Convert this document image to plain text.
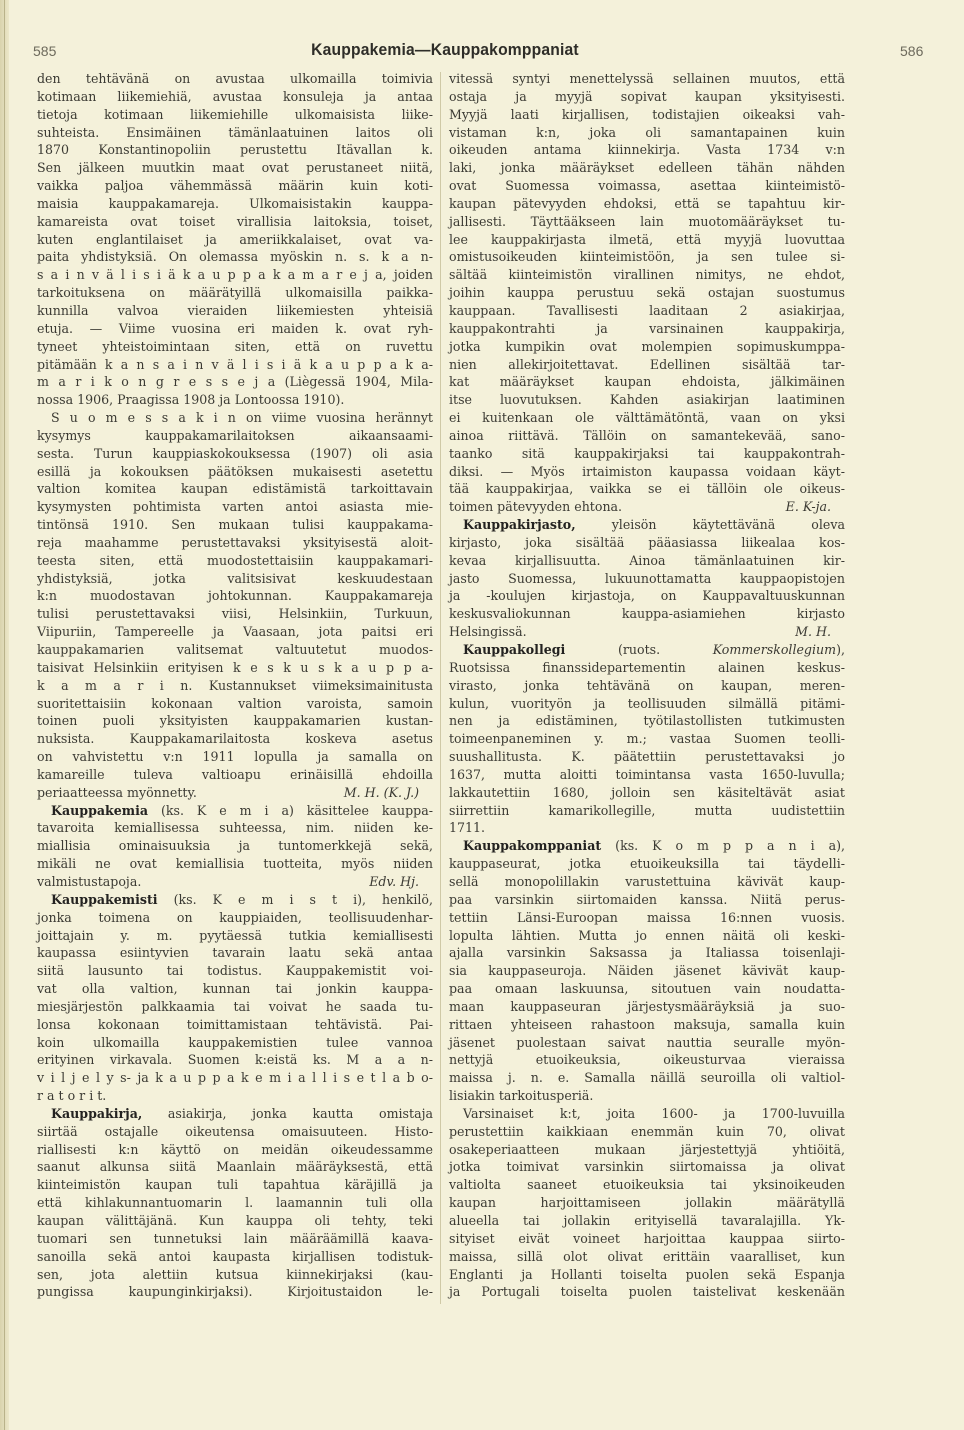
585	Kauppakemia—Kauppakomppaniat	586
den tehtävänä on avustaa ulkomailla toimivia
kotimaan liikemiehiä, avustaa konsuleja ja antaa
tietoja kotimaan liikemiehille ulkomaisista liike-
suhteista. Ensimäinen tämänlaatuinen laitos oli
1870 Konstantinopoliin perustettu Itävallan k.
Sen jälkeen muutkin maat ovat perustaneet niitä,
vaikka paljoa vähemmässä määrin kuin koti-
maisia kauppakamareja. Ulkomaisistakin kauppa-
kamareista ovat toiset virallisia laitoksia, toiset,
kuten englantilaiset ja ameriikkalaiset, ovat va-
paita yhdistyksiä. On olemassa myöskin n. s. k a n-
s a i n v ä l i s i ä k a u p p a k a m a r e j a, joiden
tarkoituksena on määrätyillä ulkomaisilla paikka-
kunnilla valvoa vieraiden liikemiesten yhteisiä
etuja. — Viime vuosina eri maiden k. ovat ryh-
tyneet yhteistoimintaan siten, että on ruvettu
pitämään k a n s a i n v ä l i s i ä k a u p p a k a-
m a r i k o n g r e s s e j a (Liègessä 1904, Mila-
nossa 1906, Praagissa 1908 ja Lontoossa 1910).
S u o m e s s a k i n on viime vuosina herännyt
kysymys kauppakamarilaitoksen aikaansaami-
sesta. Turun kauppiaskokouksessa (1907) oli asia
esillä ja kokouksen päätöksen mukaisesti asetettu
valtion komitea kaupan edistämistä tarkoittavain
kysymysten pohtimista varten antoi asiasta mie-
tintönsä 1910. Sen mukaan tulisi kauppakama-
reja maahamme perustettavaksi yksityisestä aloit-
teesta siten, että muodostettaisiin kauppakamari-
yhdistyksiä, jotka valitsisivat keskuudestaan
k:n muodostavan johtokunnan. Kauppakamareja
tulisi perustettavaksi viisi, Helsinkiin, Turkuun,
Viipuriin, Tampereelle ja Vaasaan, jota paitsi eri
kauppakamarien valitsemat valtuutetut muodos-
taisivat Helsinkiin erityisen k e s k u s k a u p p a-
k a m a r i n. Kustannukset viimeksimainitusta
suoritettaisiin kokonaan valtion varoista, samoin
toinen puoli yksityisten kauppakamarien kustan-
nuksista. Kauppakamarilaitosta koskeva asetus
on vahvistettu v:n 1911 lopulla ja samalla on
kamareille tuleva valtioapu erinäisillä ehdoilla
M. H. (K. J.)
periaatteessa myönnetty.
Kauppakemia (ks. K e m i a) käsittelee kauppa-
tavaroita kemiallisessa suhteessa, nim. niiden ke-
miallisia ominaisuuksia ja tuntomerkkejä sekä,
mikäli ne ovat kemiallisia tuotteita, myös niiden
Edv. Hj.
valmistustapoja.
Kauppakemisti (ks. K e m i s t i), henkilö,
jonka toimena on kauppiaiden, teollisuudenhar-
joittajain y. m. pyytäessä tutkia kemiallisesti
kaupassa esiintyvien tavarain laatu sekä antaa
siitä lausunto tai todistus. Kauppakemistit voi-
vat olla valtion, kunnan tai jonkin kauppa-
miesjärjestön palkkaamia tai voivat he saada tu-
lonsa kokonaan toimittamistaan tehtävistä. Pai-
koin ulkomailla kauppakemistien tulee vannoa
erityinen virkavala. Suomen k:eistä ks. M a a n-
v i l j e l y s- ja k a u p p a k e m i a l l i s e t l a b o-
r a t o r i t.
Kauppakirja, asiakirja, jonka kautta omistaja
siirtää ostajalle oikeutensa omaisuuteen. Histo-
riallisesti k:n käyttö on meidän oikeudessamme
saanut alkunsa siitä Maanlain määräyksestä, että
kiinteimistön kaupan tuli tapahtua käräjillä ja
että kihlakunnantuomarin l. laamannin tuli olla
kaupan välittäjänä. Kun kauppa oli tehty, teki
tuomari sen tunnetuksi lain määräämillä kaava-
sanoilla sekä antoi kaupasta kirjallisen todistuk-
sen, jota alettiin kutsua kiinnekirjaksi (kau-
pungissa kaupunginkirjaksi). Kirjoitustaidon le-
vitessä syntyi menettelyssä sellainen muutos, että
ostaja ja myyjä sopivat kaupan yksityisesti.
Myyjä laati kirjallisen, todistajien oikeaksi vah-
vistaman k:n, joka oli samantapainen kuin
oikeuden antama kiinnekirja. Vasta 1734 v:n
laki, jonka määräykset edelleen tähän nähden
ovat Suomessa voimassa, asettaa kiinteimistö-
kaupan pätevyyden ehdoksi, että se tapahtuu kir-
jallisesti. Täyttääkseen lain muotomääräykset tu-
lee kauppakirjasta ilmetä, että myyjä luovuttaa
omistusoikeuden kiinteimistöön, ja sen tulee si-
sältää kiinteimistön virallinen nimitys, ne ehdot,
joihin kauppa perustuu sekä ostajan suostumus
kauppaan. Tavallisesti laaditaan 2 asiakirjaa,
kauppakontrahti ja varsinainen kauppakirja,
jotka kumpikin ovat molempien sopimuskumppa-
nien allekirjoitettavat. Edellinen sisältää tar-
kat määräykset kaupan ehdoista, jälkimäinen
itse luovutuksen. Kahden asiakirjan laatiminen
ei kuitenkaan ole välttämätöntä, vaan on yksi
ainoa riittävä. Tällöin on samantekevää, sano-
taanko sitä kauppakirjaksi tai kauppakontrah-
diksi. — Myös irtaimiston kaupassa voidaan käyt-
tää kauppakirjaa, vaikka se ei tällöin ole oikeus-
E. K-ja.
toimen pätevyyden ehtona.
Kauppakirjasto, yleisön käytettävänä oleva
kirjasto, joka sisältää pääasiassa liikealaa kos-
kevaa kirjallisuutta. Ainoa tämänlaatuinen kir-
jasto Suomessa, lukuunottamatta kauppaopistojen
ja -koulujen kirjastoja, on Kauppavaltuuskunnan
keskusvaliokunnan kauppa-asiamiehen kirjasto
M. H.
Helsingissä.
Kauppakollegi (ruots. Kommerskollegium),
Ruotsissa finanssidepartementin alainen keskus-
virasto, jonka tehtävänä on kaupan, meren-
kulun, vuorityön ja teollisuuden silmällä pitämi-
nen ja edistäminen, työtilastollisten tutkimusten
toimeenpaneminen y. m.; vastaa Suomen teolli-
suushallitusta. K. päätettiin perustettavaksi jo
1637, mutta aloitti toimintansa vasta 1650-luvulla;
lakkautettiin 1680, jolloin sen käsiteltävät asiat
siirrettiin kamarikollegille, mutta uudistettiin
1711.
Kauppakomppaniat (ks. K o m p p a n i a),
kauppaseurat, jotka etuoikeuksilla tai täydelli-
sellä monopolillakin varustettuina kävivät kaup-
paa varsinkin siirtomaiden kanssa. Niitä perus-
tettiin Länsi-Euroopan maissa 16:nnen vuosis.
lopulta lähtien. Mutta jo ennen näitä oli keski-
ajalla varsinkin Saksassa ja Italiassa toisenlaji-
sia kauppaseuroja. Näiden jäsenet kävivät kaup-
paa omaan laskuunsa, sitoutuen vain noudatta-
maan kauppaseuran järjestysmääräyksiä ja suo-
rittaen yhteiseen rahastoon maksuja, samalla kuin
jäsenet puolestaan saivat nauttia seuralle myön-
nettyjä etuoikeuksia, oikeusturvaa vieraissa
maissa j. n. e. Samalla näillä seuroilla oli valtiol-
lisiakin tarkoitusperiä.
Varsinaiset k:t, joita 1600- ja 1700-luvuilla
perustettiin kaikkiaan enemmän kuin 70, olivat
osakeperiaatteen mukaan järjestettyjä yhtiöitä,
jotka toimivat varsinkin siirtomaissa ja olivat
valtiolta saaneet etuoikeuksia tai yksinoikeuden
kaupan harjoittamiseen jollakin määrätyllä
alueella tai jollakin erityisellä tavaralajilla. Yk-
sityiset eivät voineet harjoittaa kauppaa siirto-
maissa, sillä olot olivat erittäin vaaralliset, kun
Englanti ja Hollanti toiselta puolen sekä Espanja
ja Portugali toiselta puolen taistelivat keskenään
